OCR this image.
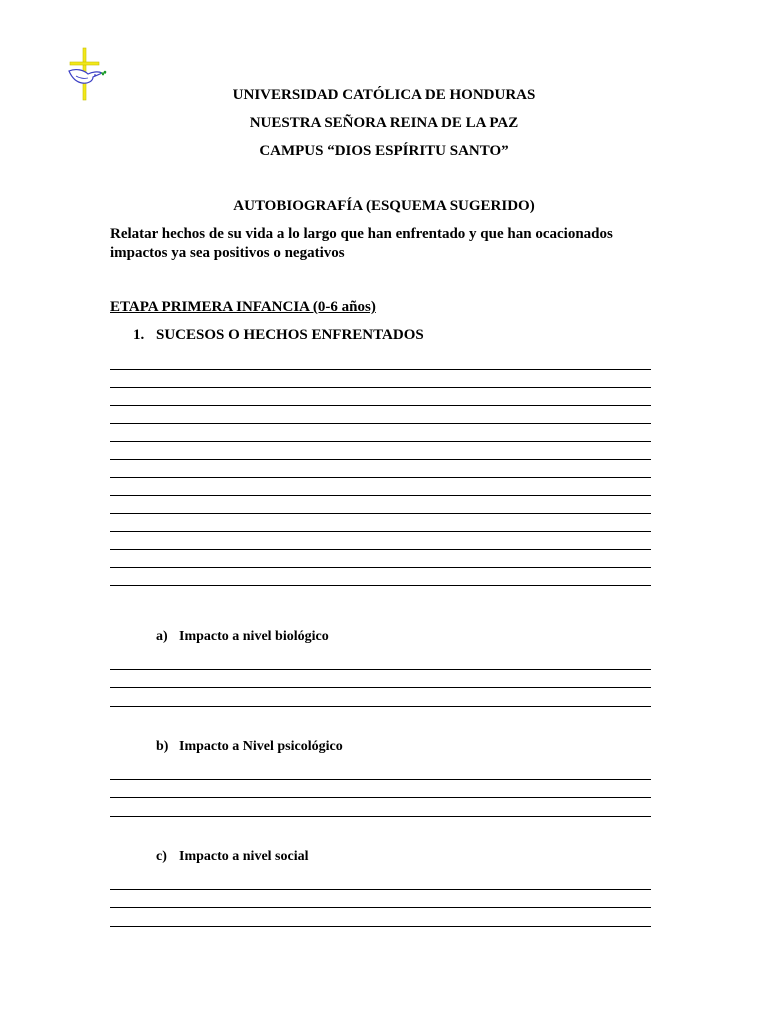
UNIVERSIDAD CATÓLICA DE HONDURAS
NUESTRA SEÑORA REINA DE LA PAZ
CAMPUS “DIOS ESPÍRITU SANTO”
AUTOBIOGRAFÍA (ESQUEMA SUGERIDO)
Relatar hechos de su vida a lo largo que han enfrentado y que han ocacionados impactos ya sea positivos o negativos
ETAPA PRIMERA INFANCIA (0-6 años)
1. SUCESOS O HECHOS ENFRENTADOS
a) Impacto a nivel biológico
b) Impacto a Nivel psicológico
c) Impacto a nivel social
